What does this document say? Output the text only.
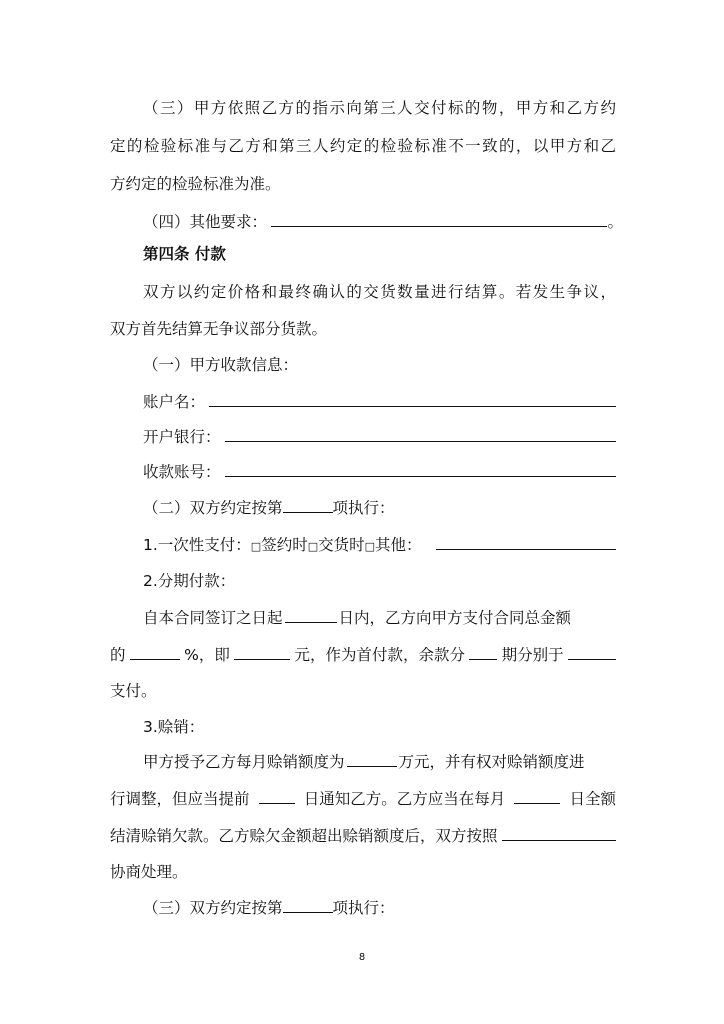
（三）甲方依照乙方的指示向第三人交付标的物，甲方和乙方约
定的检验标准与乙方和第三人约定的检验标准不一致的，以甲方和乙
方约定的检验标准为准。
（四）其他要求：	。
第四条 付款
双方以约定价格和最终确认的交货数量进行结算。若发生争议，
双方首先结算无争议部分货款。
（一）甲方收款信息：
账户名：
开户银行：
收款账号：
（二）双方约定按第	项执行：
1.一次性支付： □ 签约时 □ 交货时 □ 其他：
2.分期付款：
自本合同签订之日起	日内，乙方向甲方支付合同总金额
的	%，即	元，作为首付款，余款分 期分别于
支付。
3.赊销：
甲方授予乙方每月赊销额度为	万元，并有权对赊销额度进
行调整，但应当提前	日通知乙方。乙方应当在每月	日全额
结清赊销欠款。乙方赊欠金额超出赊销额度后，双方按照
协商处理。
（三）双方约定按第	项执行：
8
